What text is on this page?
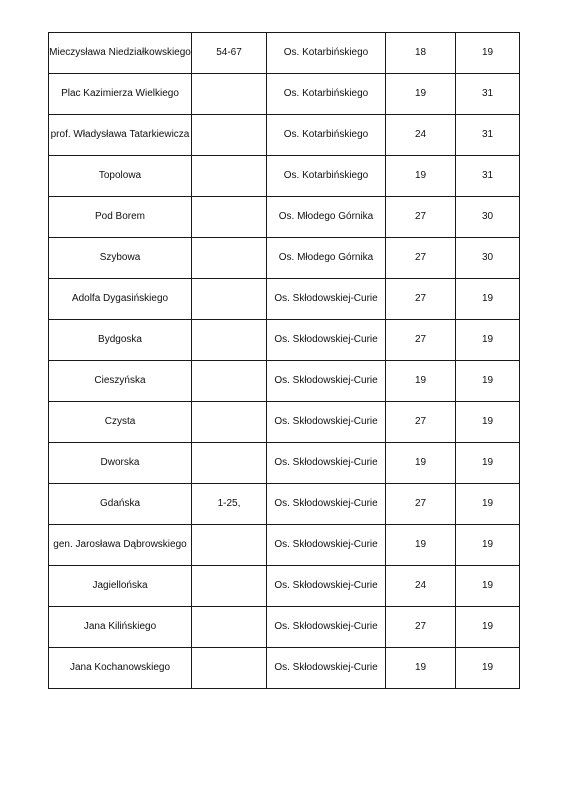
Mieczysława Niedziałkowskiego	54-67	Os. Kotarbińskiego	18	19
Plac Kazimierza Wielkiego		Os. Kotarbińskiego	19	31
prof. Władysława Tatarkiewicza		Os. Kotarbińskiego	24	31
Topolowa		Os. Kotarbińskiego	19	31
Pod Borem		Os. Młodego Górnika	27	30
Szybowa		Os. Młodego Górnika	27	30
Adolfa Dygasińskiego		Os. Skłodowskiej-Curie	27	19
Bydgoska		Os. Skłodowskiej-Curie	27	19
Cieszyńska		Os. Skłodowskiej-Curie	19	19
Czysta		Os. Skłodowskiej-Curie	27	19
Dworska		Os. Skłodowskiej-Curie	19	19
Gdańska	1-25,	Os. Skłodowskiej-Curie	27	19
gen. Jarosława Dąbrowskiego		Os. Skłodowskiej-Curie	19	19
Jagiellońska		Os. Skłodowskiej-Curie	24	19
Jana Kilińskiego		Os. Skłodowskiej-Curie	27	19
Jana Kochanowskiego		Os. Skłodowskiej-Curie	19	19
